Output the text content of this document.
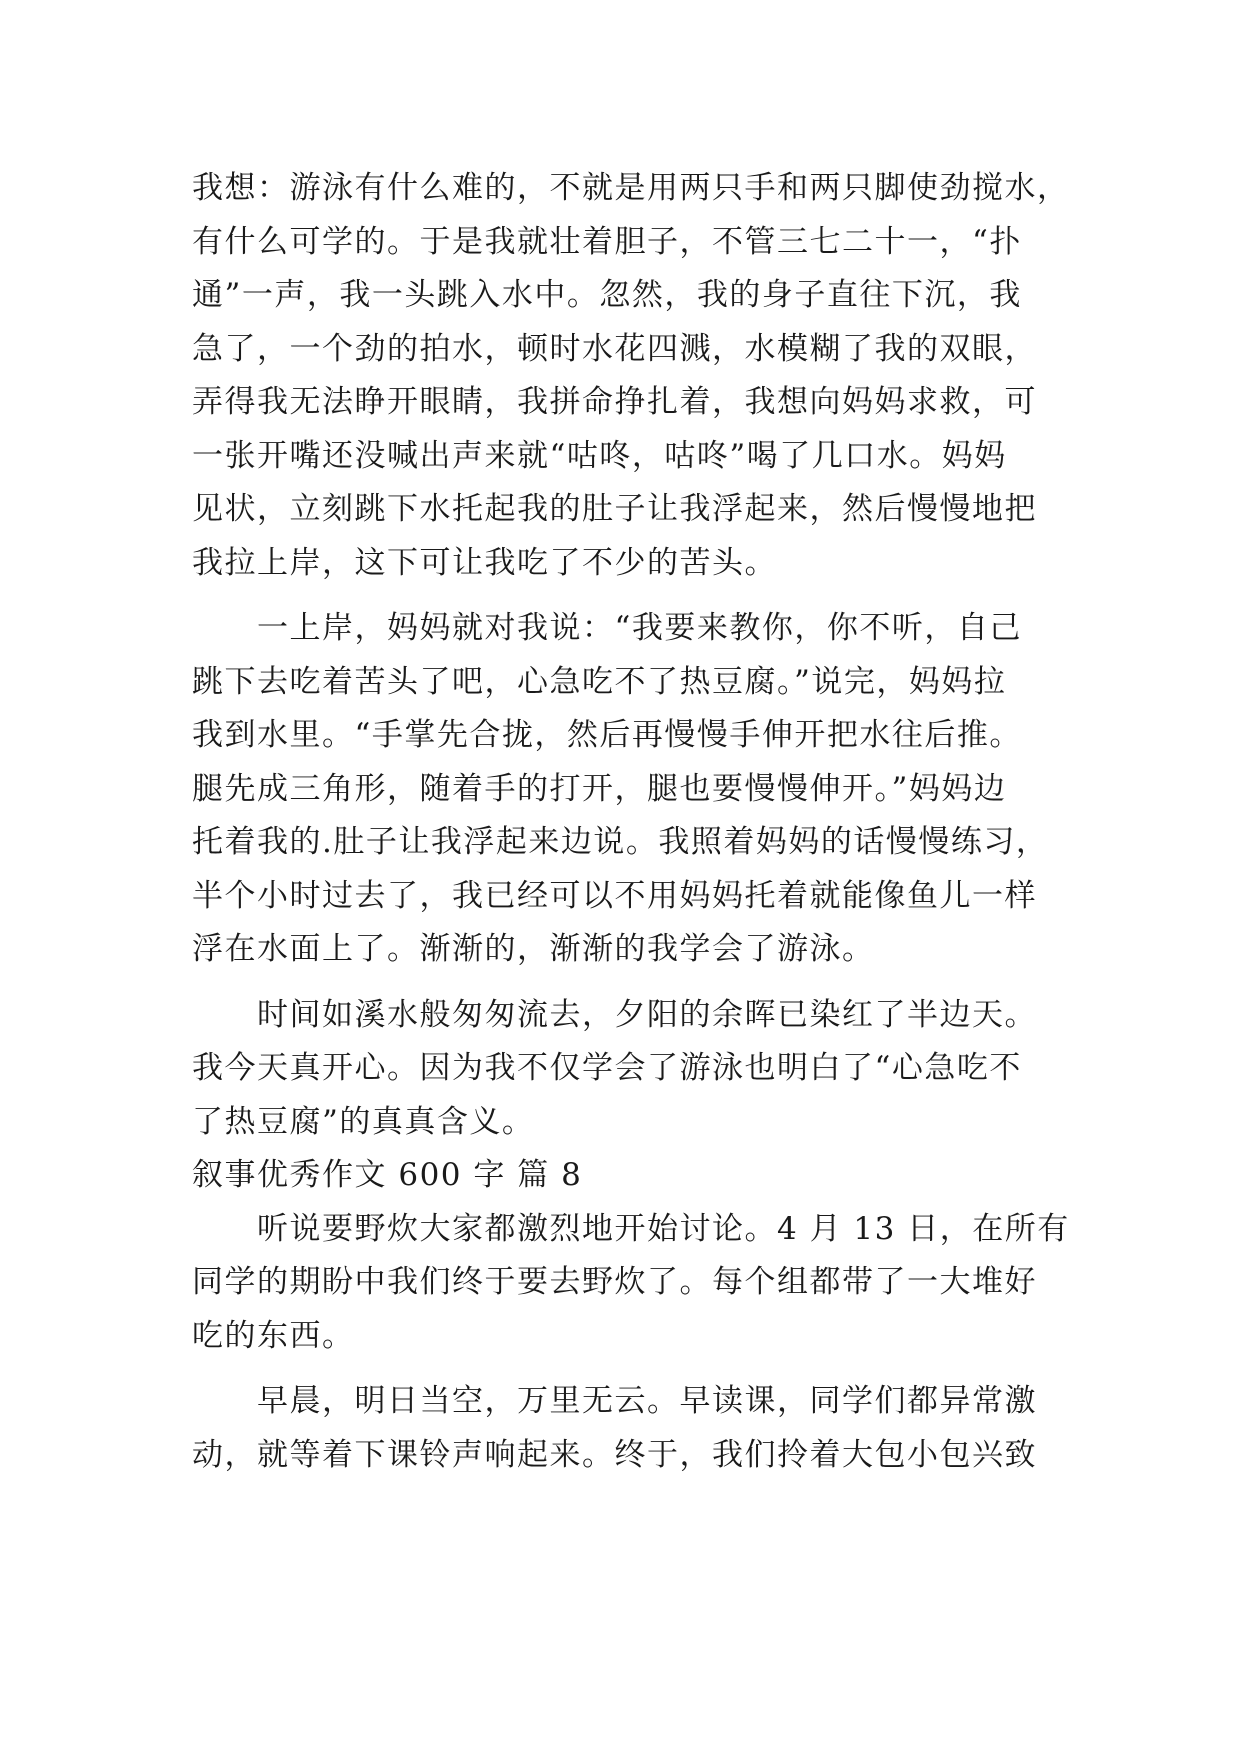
我想：游泳有什么难的，不就是用两只手和两只脚使劲搅水，
有什么可学的。于是我就壮着胆子，不管三七二十一，“扑
通”一声，我一头跳入水中。忽然，我的身子直往下沉，我
急了，一个劲的拍水，顿时水花四溅，水模糊了我的双眼，
弄得我无法睁开眼睛，我拼命挣扎着，我想向妈妈求救，可
一张开嘴还没喊出声来就“咕咚，咕咚”喝了几口水。妈妈
见状，立刻跳下水托起我的肚子让我浮起来，然后慢慢地把
我拉上岸，这下可让我吃了不少的苦头。
一上岸，妈妈就对我说：“我要来教你，你不听，自己
跳下去吃着苦头了吧，心急吃不了热豆腐。”说完，妈妈拉
我到水里。“手掌先合拢，然后再慢慢手伸开把水往后推。
腿先成三角形，随着手的打开，腿也要慢慢伸开。”妈妈边
托着我的.肚子让我浮起来边说。我照着妈妈的话慢慢练习，
半个小时过去了，我已经可以不用妈妈托着就能像鱼儿一样
浮在水面上了。渐渐的，渐渐的我学会了游泳。
时间如溪水般匆匆流去，夕阳的余晖已染红了半边天。
我今天真开心。因为我不仅学会了游泳也明白了“心急吃不
了热豆腐”的真真含义。
叙事优秀作文 600 字 篇 8
听说要野炊大家都激烈地开始讨论。4 月 13 日，在所有
同学的期盼中我们终于要去野炊了。每个组都带了一大堆好
吃的东西。
早晨，明日当空，万里无云。早读课，同学们都异常激
动，就等着下课铃声响起来。终于，我们拎着大包小包兴致
